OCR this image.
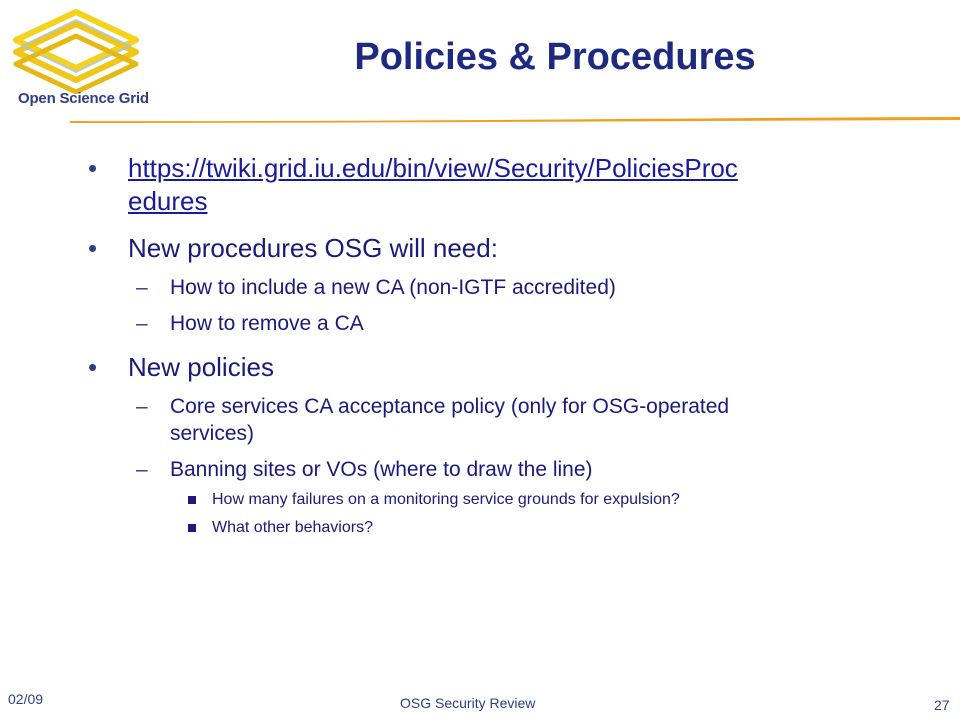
Open Science Grid
Policies & Procedures
• https://twiki.grid.iu.edu/bin/view/Security/PoliciesProc
edures
• New procedures OSG will need:
– How to include a new CA (non-IGTF accredited)
– How to remove a CA
• New policies
– Core services CA acceptance policy (only for OSG-operated
services)
– Banning sites or VOs (where to draw the line)
How many failures on a monitoring service grounds for expulsion?
What other behaviors?
02/09	OSG Security Review	27
